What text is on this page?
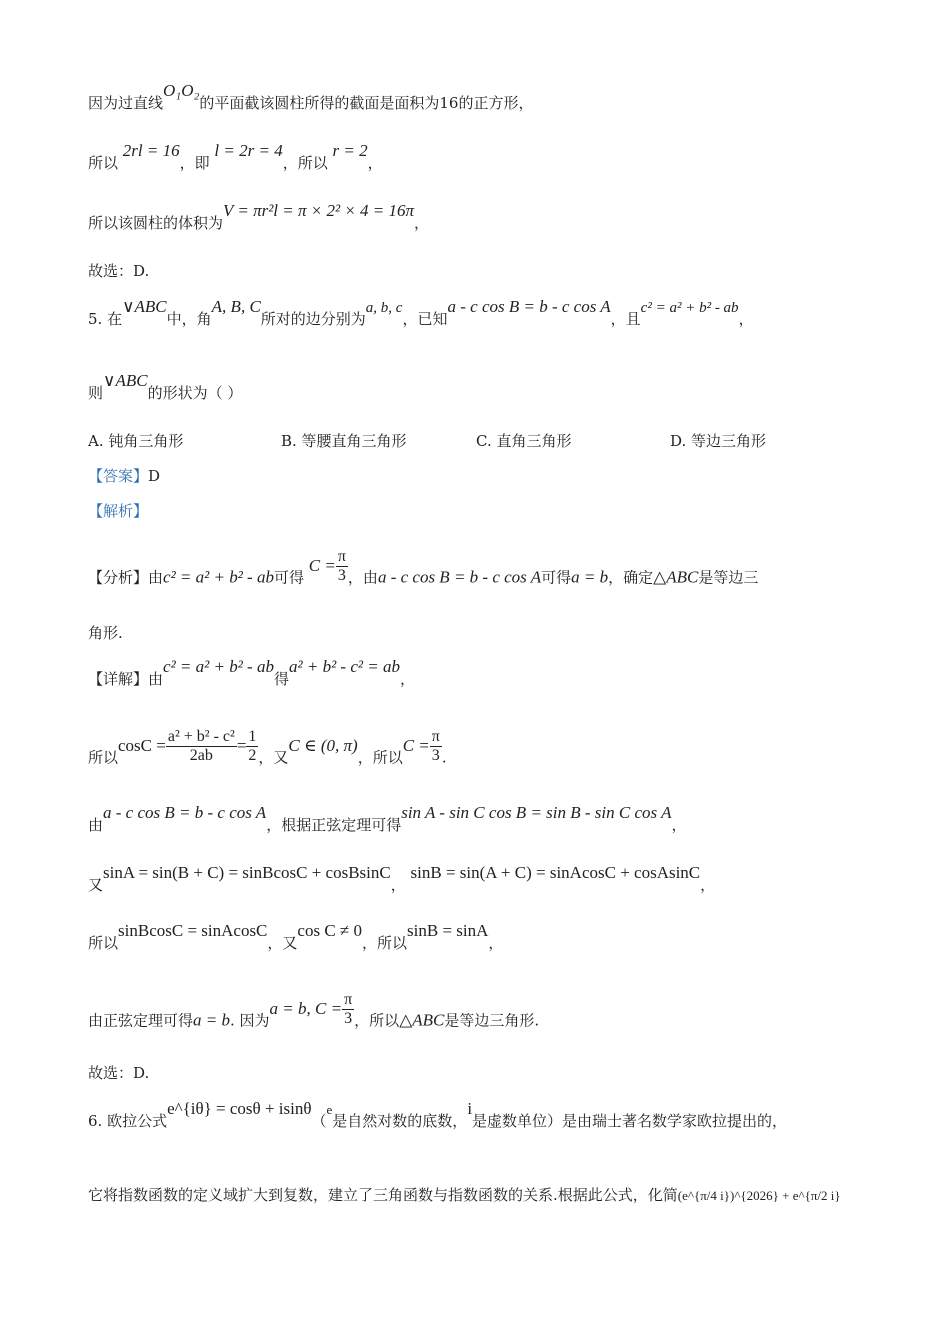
因为过直线O₁O₂的平面截该圆柱所得的截面是面积为16的正方形，
所以 2rl = 16，即 l = 2r = 4，所以 r = 2，
所以该圆柱的体积为V = πr²l = π × 2² × 4 = 16π，
故选：D.
5. 在∨ABC中，角A, B, C所对的边分别为a, b, c，已知a - c cos B = b - c cos A，且c² = a² + b² - ab，
则∨ABC的形状为（ ）
A. 钝角三角形	B. 等腰直角三角形	C. 直角三角形	D. 等边三角形
【答案】D
【解析】
【分析】由c² = a² + b² - ab可得 $C = \frac{\pi}{3}$ ，由a - c cos B = b - c cos A可得a = b，确定△ABC是等边三
角形.
【详解】由c² = a² + b² - ab得a² + b² - c² = ab，
所以$\cos C = \frac{\text{a² + b² - c²}}{2ab} = \frac{1}{2}$ ，又C ∈ (0, π)，所以$C = \frac{\pi}{3}$ .
由a - c cos B = b - c cos A，根据正弦定理可得sin A - sin C cos B = sin B - sin C cos A，
又sinA = sin(B + C) = sinBcosC + cosBsinC， sinB = sin(A + C) = sinAcosC + cosAsinC，
所以sinBcosC = sinAcosC，又cos C ≠ 0，所以sinB = sinA，
由正弦定理可得a = b. 因为a = b, $C = \frac{\pi}{3}$ ，所以△ABC是等边三角形.
故选：D.
6. 欧拉公式e^{iθ} = cosθ + isinθ（e是自然对数的底数，i是虚数单位）是由瑞士著名数学家欧拉提出的，
它将指数函数的定义域扩大到复数，建立了三角函数与指数函数的关系.根据此公式，化简(e^{π/4 i})^{2026} + e^{π/2 i}
